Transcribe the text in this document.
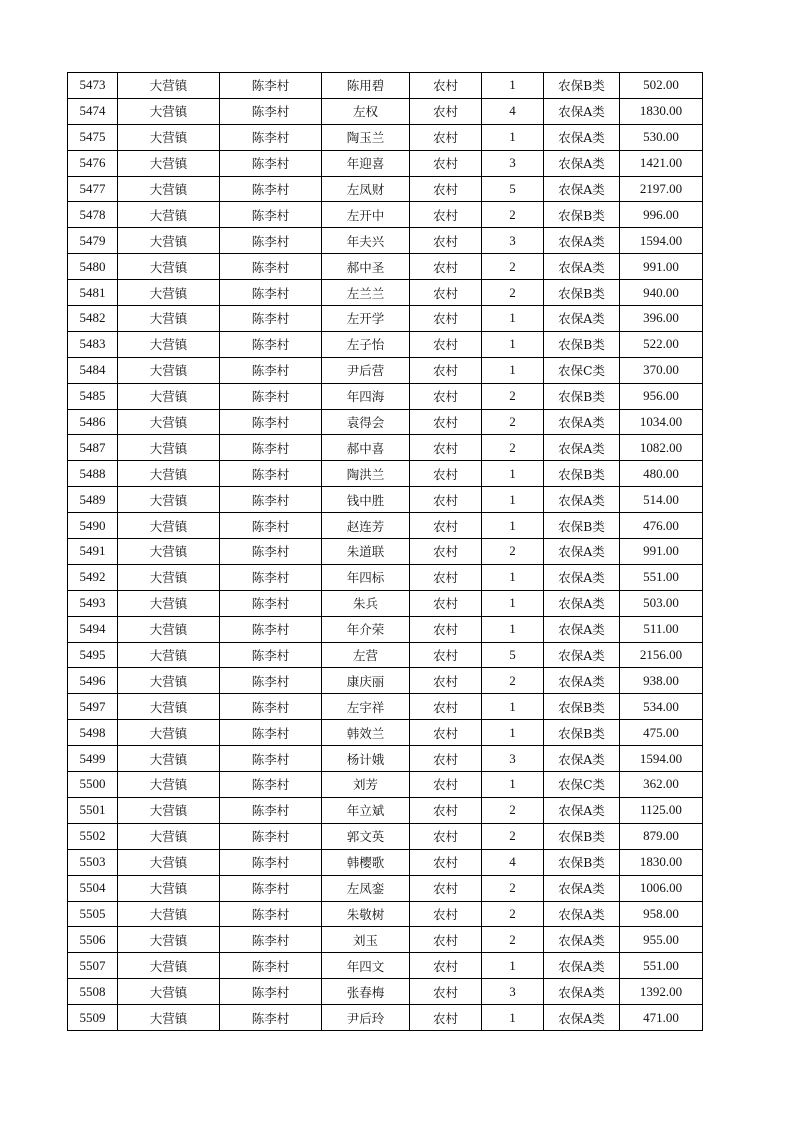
5473	大营镇	陈李村	陈用碧	农村	1	农保B类	502.00
5474	大营镇	陈李村	左权	农村	4	农保A类	1830.00
5475	大营镇	陈李村	陶玉兰	农村	1	农保A类	530.00
5476	大营镇	陈李村	年迎喜	农村	3	农保A类	1421.00
5477	大营镇	陈李村	左凤财	农村	5	农保A类	2197.00
5478	大营镇	陈李村	左开中	农村	2	农保B类	996.00
5479	大营镇	陈李村	年夫兴	农村	3	农保A类	1594.00
5480	大营镇	陈李村	郝中圣	农村	2	农保A类	991.00
5481	大营镇	陈李村	左兰兰	农村	2	农保B类	940.00
5482	大营镇	陈李村	左开学	农村	1	农保A类	396.00
5483	大营镇	陈李村	左子怡	农村	1	农保B类	522.00
5484	大营镇	陈李村	尹后营	农村	1	农保C类	370.00
5485	大营镇	陈李村	年四海	农村	2	农保B类	956.00
5486	大营镇	陈李村	袁得会	农村	2	农保A类	1034.00
5487	大营镇	陈李村	郝中喜	农村	2	农保A类	1082.00
5488	大营镇	陈李村	陶洪兰	农村	1	农保B类	480.00
5489	大营镇	陈李村	钱中胜	农村	1	农保A类	514.00
5490	大营镇	陈李村	赵连芳	农村	1	农保B类	476.00
5491	大营镇	陈李村	朱道联	农村	2	农保A类	991.00
5492	大营镇	陈李村	年四标	农村	1	农保A类	551.00
5493	大营镇	陈李村	朱兵	农村	1	农保A类	503.00
5494	大营镇	陈李村	年介荣	农村	1	农保A类	511.00
5495	大营镇	陈李村	左营	农村	5	农保A类	2156.00
5496	大营镇	陈李村	康庆丽	农村	2	农保A类	938.00
5497	大营镇	陈李村	左宇祥	农村	1	农保B类	534.00
5498	大营镇	陈李村	韩效兰	农村	1	农保B类	475.00
5499	大营镇	陈李村	杨计娥	农村	3	农保A类	1594.00
5500	大营镇	陈李村	刘芳	农村	1	农保C类	362.00
5501	大营镇	陈李村	年立斌	农村	2	农保A类	1125.00
5502	大营镇	陈李村	郭文英	农村	2	农保B类	879.00
5503	大营镇	陈李村	韩樱歌	农村	4	农保B类	1830.00
5504	大营镇	陈李村	左凤銮	农村	2	农保A类	1006.00
5505	大营镇	陈李村	朱敬树	农村	2	农保A类	958.00
5506	大营镇	陈李村	刘玉	农村	2	农保A类	955.00
5507	大营镇	陈李村	年四文	农村	1	农保A类	551.00
5508	大营镇	陈李村	张春梅	农村	3	农保A类	1392.00
5509	大营镇	陈李村	尹后玲	农村	1	农保A类	471.00
